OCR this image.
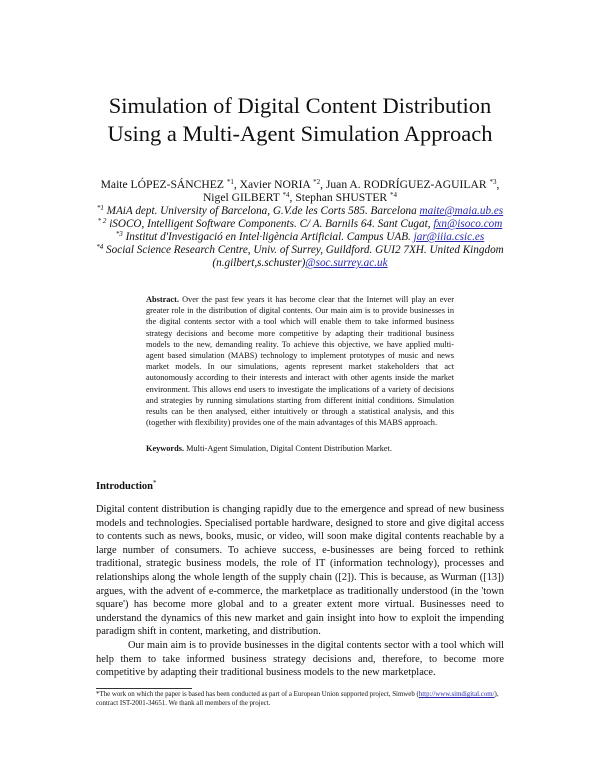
Simulation of Digital Content Distribution
Using a Multi-Agent Simulation Approach
Maite LÓPEZ-SÁNCHEZ $^{*1}$, Xavier NORIA $^{*2}$, Juan A. RODRÍGUEZ-AGUILAR $^{*3}$,
Nigel GILBERT $^{*4}$, Stephan SHUSTER $^{*4}$
$^{*1}$ MAiA dept. University of Barcelona, G.V.de les Corts 585. Barcelona maite@maia.ub.es
$^{* 2}$ iSOCO, Intelligent Software Components. C/ A. Barnils 64. Sant Cugat, fxn@isoco.com
$^{*3}$ Institut d'Investigació en Intel·ligència Artificial. Campus UAB. jar@iiia.csic.es
$^{*4}$ Social Science Research Centre, Univ. of Surrey, Guildford. GUI2 7XH. United Kingdom
(n.gilbert,s.schuster)@soc.surrey.ac.uk
Abstract. Over the past few years it has become clear that the Internet will play an ever greater role in the distribution of digital contents. Our main aim is to provide businesses in the digital contents sector with a tool which will enable them to take informed business strategy decisions and become more competitive by adapting their traditional business models to the new, demanding reality. To achieve this objective, we have applied multi-agent based simulation (MABS) technology to implement prototypes of music and news market models. In our simulations, agents represent market stakeholders that act autonomously according to their interests and interact with other agents inside the market environment. This allows end users to investigate the implications of a variety of decisions and strategies by running simulations starting from different initial conditions. Simulation results can be then analysed, either intuitively or through a statistical analysis, and this (together with flexibility) provides one of the main advantages of this MABS approach.
Keywords. Multi-Agent Simulation, Digital Content Distribution Market.
Introduction*

Digital content distribution is changing rapidly due to the emergence and spread of new business models and technologies. Specialised portable hardware, designed to store and give digital access to contents such as news, books, music, or video, will soon make digital contents reachable by a large number of consumers. To achieve success, e-businesses are being forced to rethink traditional, strategic business models, the role of IT (information technology), processes and relationships along the whole length of the supply chain ([2]). This is because, as Wurman ([13]) argues, with the advent of e-commerce, the marketplace as traditionally understood (in the 'town square') has become more global and to a greater extent more virtual. Businesses need to understand the dynamics of this new market and gain insight into how to exploit the impending paradigm shift in content, marketing, and distribution.

Our main aim is to provide businesses in the digital contents sector with a tool which will help them to take informed business strategy decisions and, therefore, to become more competitive by adapting their traditional business models to the new marketplace.

*The work on which the paper is based has been conducted as part of a European Union supported project, Simweb (http://www.simdigital.com/), contract IST-2001-34651. We thank all members of the project.
